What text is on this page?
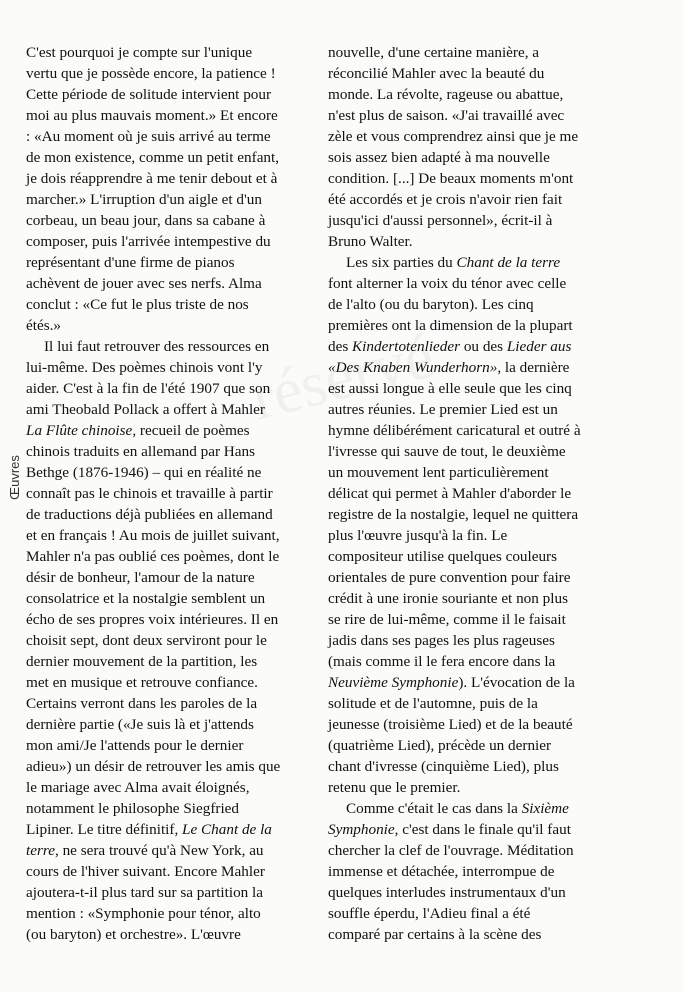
Œuvres
C'est pourquoi je compte sur l'unique
vertu que je possède encore, la patience !
Cette période de solitude intervient pour
moi au plus mauvais moment.» Et encore
: «Au moment où je suis arrivé au terme
de mon existence, comme un petit enfant,
je dois réapprendre à me tenir debout et à
marcher.» L'irruption d'un aigle et d'un
corbeau, un beau jour, dans sa cabane à
composer, puis l'arrivée intempestive du
représentant d'une firme de pianos
achèvent de jouer avec ses nerfs. Alma
conclut : «Ce fut le plus triste de nos
étés.»
Il lui faut retrouver des ressources en
lui-même. Des poèmes chinois vont l'y
aider. C'est à la fin de l'été 1907 que son
ami Theobald Pollack a offert à Mahler
La Flûte chinoise, recueil de poèmes
chinois traduits en allemand par Hans
Bethge (1876-1946) – qui en réalité ne
connaît pas le chinois et travaille à partir
de traductions déjà publiées en allemand
et en français ! Au mois de juillet suivant,
Mahler n'a pas oublié ces poèmes, dont le
désir de bonheur, l'amour de la nature
consolatrice et la nostalgie semblent un
écho de ses propres voix intérieures. Il en
choisit sept, dont deux serviront pour le
dernier mouvement de la partition, les
met en musique et retrouve confiance.
Certains verront dans les paroles de la
dernière partie («Je suis là et j'attends
mon ami/Je l'attends pour le dernier
adieu») un désir de retrouver les amis que
le mariage avec Alma avait éloignés,
notamment le philosophe Siegfried
Lipiner. Le titre définitif, Le Chant de la
terre, ne sera trouvé qu'à New York, au
cours de l'hiver suivant. Encore Mahler
ajoutera-t-il plus tard sur sa partition la
mention : «Symphonie pour ténor, alto
(ou baryton) et orchestre». L'œuvre
nouvelle, d'une certaine manière, a
réconcilié Mahler avec la beauté du
monde. La révolte, rageuse ou abattue,
n'est plus de saison. «J'ai travaillé avec
zèle et vous comprendrez ainsi que je me
sois assez bien adapté à ma nouvelle
condition. [...] De beaux moments m'ont
été accordés et je crois n'avoir rien fait
jusqu'ici d'aussi personnel», écrit-il à
Bruno Walter.
Les six parties du Chant de la terre
font alterner la voix du ténor avec celle
de l'alto (ou du baryton). Les cinq
premières ont la dimension de la plupart
des Kindertotenlieder ou des Lieder aus
«Des Knaben Wunderhorn», la dernière
est aussi longue à elle seule que les cinq
autres réunies. Le premier Lied est un
hymne délibérément caricatural et outré à
l'ivresse qui sauve de tout, le deuxième
un mouvement lent particulièrement
délicat qui permet à Mahler d'aborder le
registre de la nostalgie, lequel ne quittera
plus l'œuvre jusqu'à la fin. Le
compositeur utilise quelques couleurs
orientales de pure convention pour faire
crédit à une ironie souriante et non plus
se rire de lui-même, comme il le faisait
jadis dans ses pages les plus rageuses
(mais comme il le fera encore dans la
Neuvième Symphonie). L'évocation de la
solitude et de l'automne, puis de la
jeunesse (troisième Lied) et de la beauté
(quatrième Lied), précède un dernier
chant d'ivresse (cinquième Lied), plus
retenu que le premier.
Comme c'était le cas dans la Sixième
Symphonie, c'est dans le finale qu'il faut
chercher la clef de l'ouvrage. Méditation
immense et détachée, interrompue de
quelques interludes instrumentaux d'un
souffle éperdu, l'Adieu final a été
comparé par certains à la scène des
